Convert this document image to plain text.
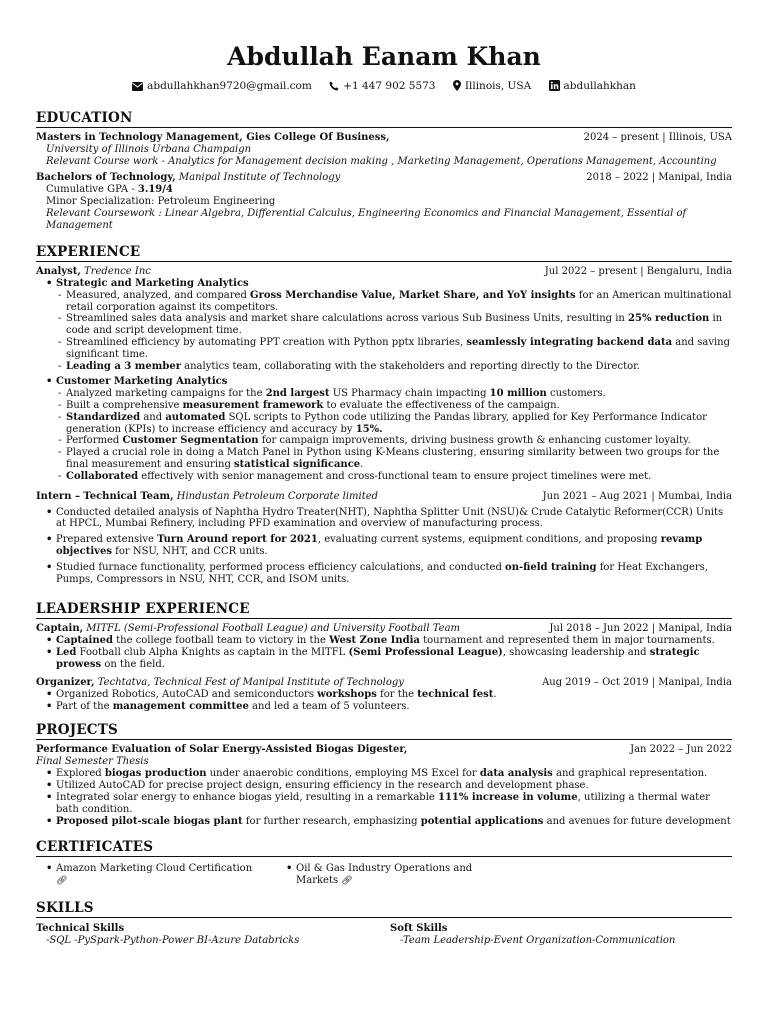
Abdullah Eanam Khan
abdullahkhan9720@gmail.com	+1 447 902 5573	Illinois, USA	abdullahkhan
EDUCATION
Masters in Technology Management, Gies College Of Business,	2024 – present | Illinois, USA
University of Illinois Urbana Champaign
Relevant Course work - Analytics for Management decision making , Marketing Management, Operations Management, Accounting
Bachelors of Technology, Manipal Institute of Technology	2018 – 2022 | Manipal, India
Cumulative GPA - 3.19/4
Minor Specialization: Petroleum Engineering
Relevant Coursework : Linear Algebra, Differential Calculus, Engineering Economics and Financial Management, Essential of Management
EXPERIENCE
Analyst, Tredence Inc	Jul 2022 – present | Bengaluru, India
• Strategic and Marketing Analytics
- Measured, analyzed, and compared Gross Merchandise Value, Market Share, and YoY insights for an American multinational retail corporation against its competitors.
- Streamlined sales data analysis and market share calculations across various Sub Business Units, resulting in 25% reduction in code and script development time.
- Streamlined efficiency by automating PPT creation with Python pptx libraries, seamlessly integrating backend data and saving significant time.
- Leading a 3 member analytics team, collaborating with the stakeholders and reporting directly to the Director.
• Customer Marketing Analytics
- Analyzed marketing campaigns for the 2nd largest US Pharmacy chain impacting 10 million customers.
- Built a comprehensive measurement framework to evaluate the effectiveness of the campaign.
- Standardized and automated SQL scripts to Python code utilizing the Pandas library, applied for Key Performance Indicator generation (KPIs) to increase efficiency and accuracy by 15%.
- Performed Customer Segmentation for campaign improvements, driving business growth & enhancing customer loyalty.
- Played a crucial role in doing a Match Panel in Python using K-Means clustering, ensuring similarity between two groups for the final measurement and ensuring statistical significance.
- Collaborated effectively with senior management and cross-functional team to ensure project timelines were met.
Intern – Technical Team, Hindustan Petroleum Corporate limited	Jun 2021 – Aug 2021 | Mumbai, India
• Conducted detailed analysis of Naphtha Hydro Treater(NHT), Naphtha Splitter Unit (NSU)& Crude Catalytic Reformer(CCR) Units at HPCL, Mumbai Refinery, including PFD examination and overview of manufacturing process.
• Prepared extensive Turn Around report for 2021, evaluating current systems, equipment conditions, and proposing revamp objectives for NSU, NHT, and CCR units.
• Studied furnace functionality, performed process efficiency calculations, and conducted on-field training for Heat Exchangers, Pumps, Compressors in NSU, NHT, CCR, and ISOM units.
LEADERSHIP EXPERIENCE
Captain, MITFL (Semi-Professional Football League) and University Football Team	Jul 2018 – Jun 2022 | Manipal, India
• Captained the college football team to victory in the West Zone India tournament and represented them in major tournaments.
• Led Football club Alpha Knights as captain in the MITFL (Semi Professional League), showcasing leadership and strategic prowess on the field.
Organizer, Techtatva, Technical Fest of Manipal Institute of Technology	Aug 2019 – Oct 2019 | Manipal, India
• Organized Robotics, AutoCAD and semiconductors workshops for the technical fest.
• Part of the management committee and led a team of 5 volunteers.
PROJECTS
Performance Evaluation of Solar Energy-Assisted Biogas Digester,	Jan 2022 – Jun 2022
Final Semester Thesis
• Explored biogas production under anaerobic conditions, employing MS Excel for data analysis and graphical representation.
• Utilized AutoCAD for precise project design, ensuring efficiency in the research and development phase.
• Integrated solar energy to enhance biogas yield, resulting in a remarkable 111% increase in volume, utilizing a thermal water bath condition.
• Proposed pilot-scale biogas plant for further research, emphasizing potential applications and avenues for future development
CERTIFICATES
• Amazon Marketing Cloud Certification
🔗︎
• Oil & Gas Industry Operations and Markets 🔗︎
SKILLS
Technical Skills
-SQL -PySpark-Python-Power BI-Azure Databricks
Soft Skills
-Team Leadership-Event Organization-Communication
